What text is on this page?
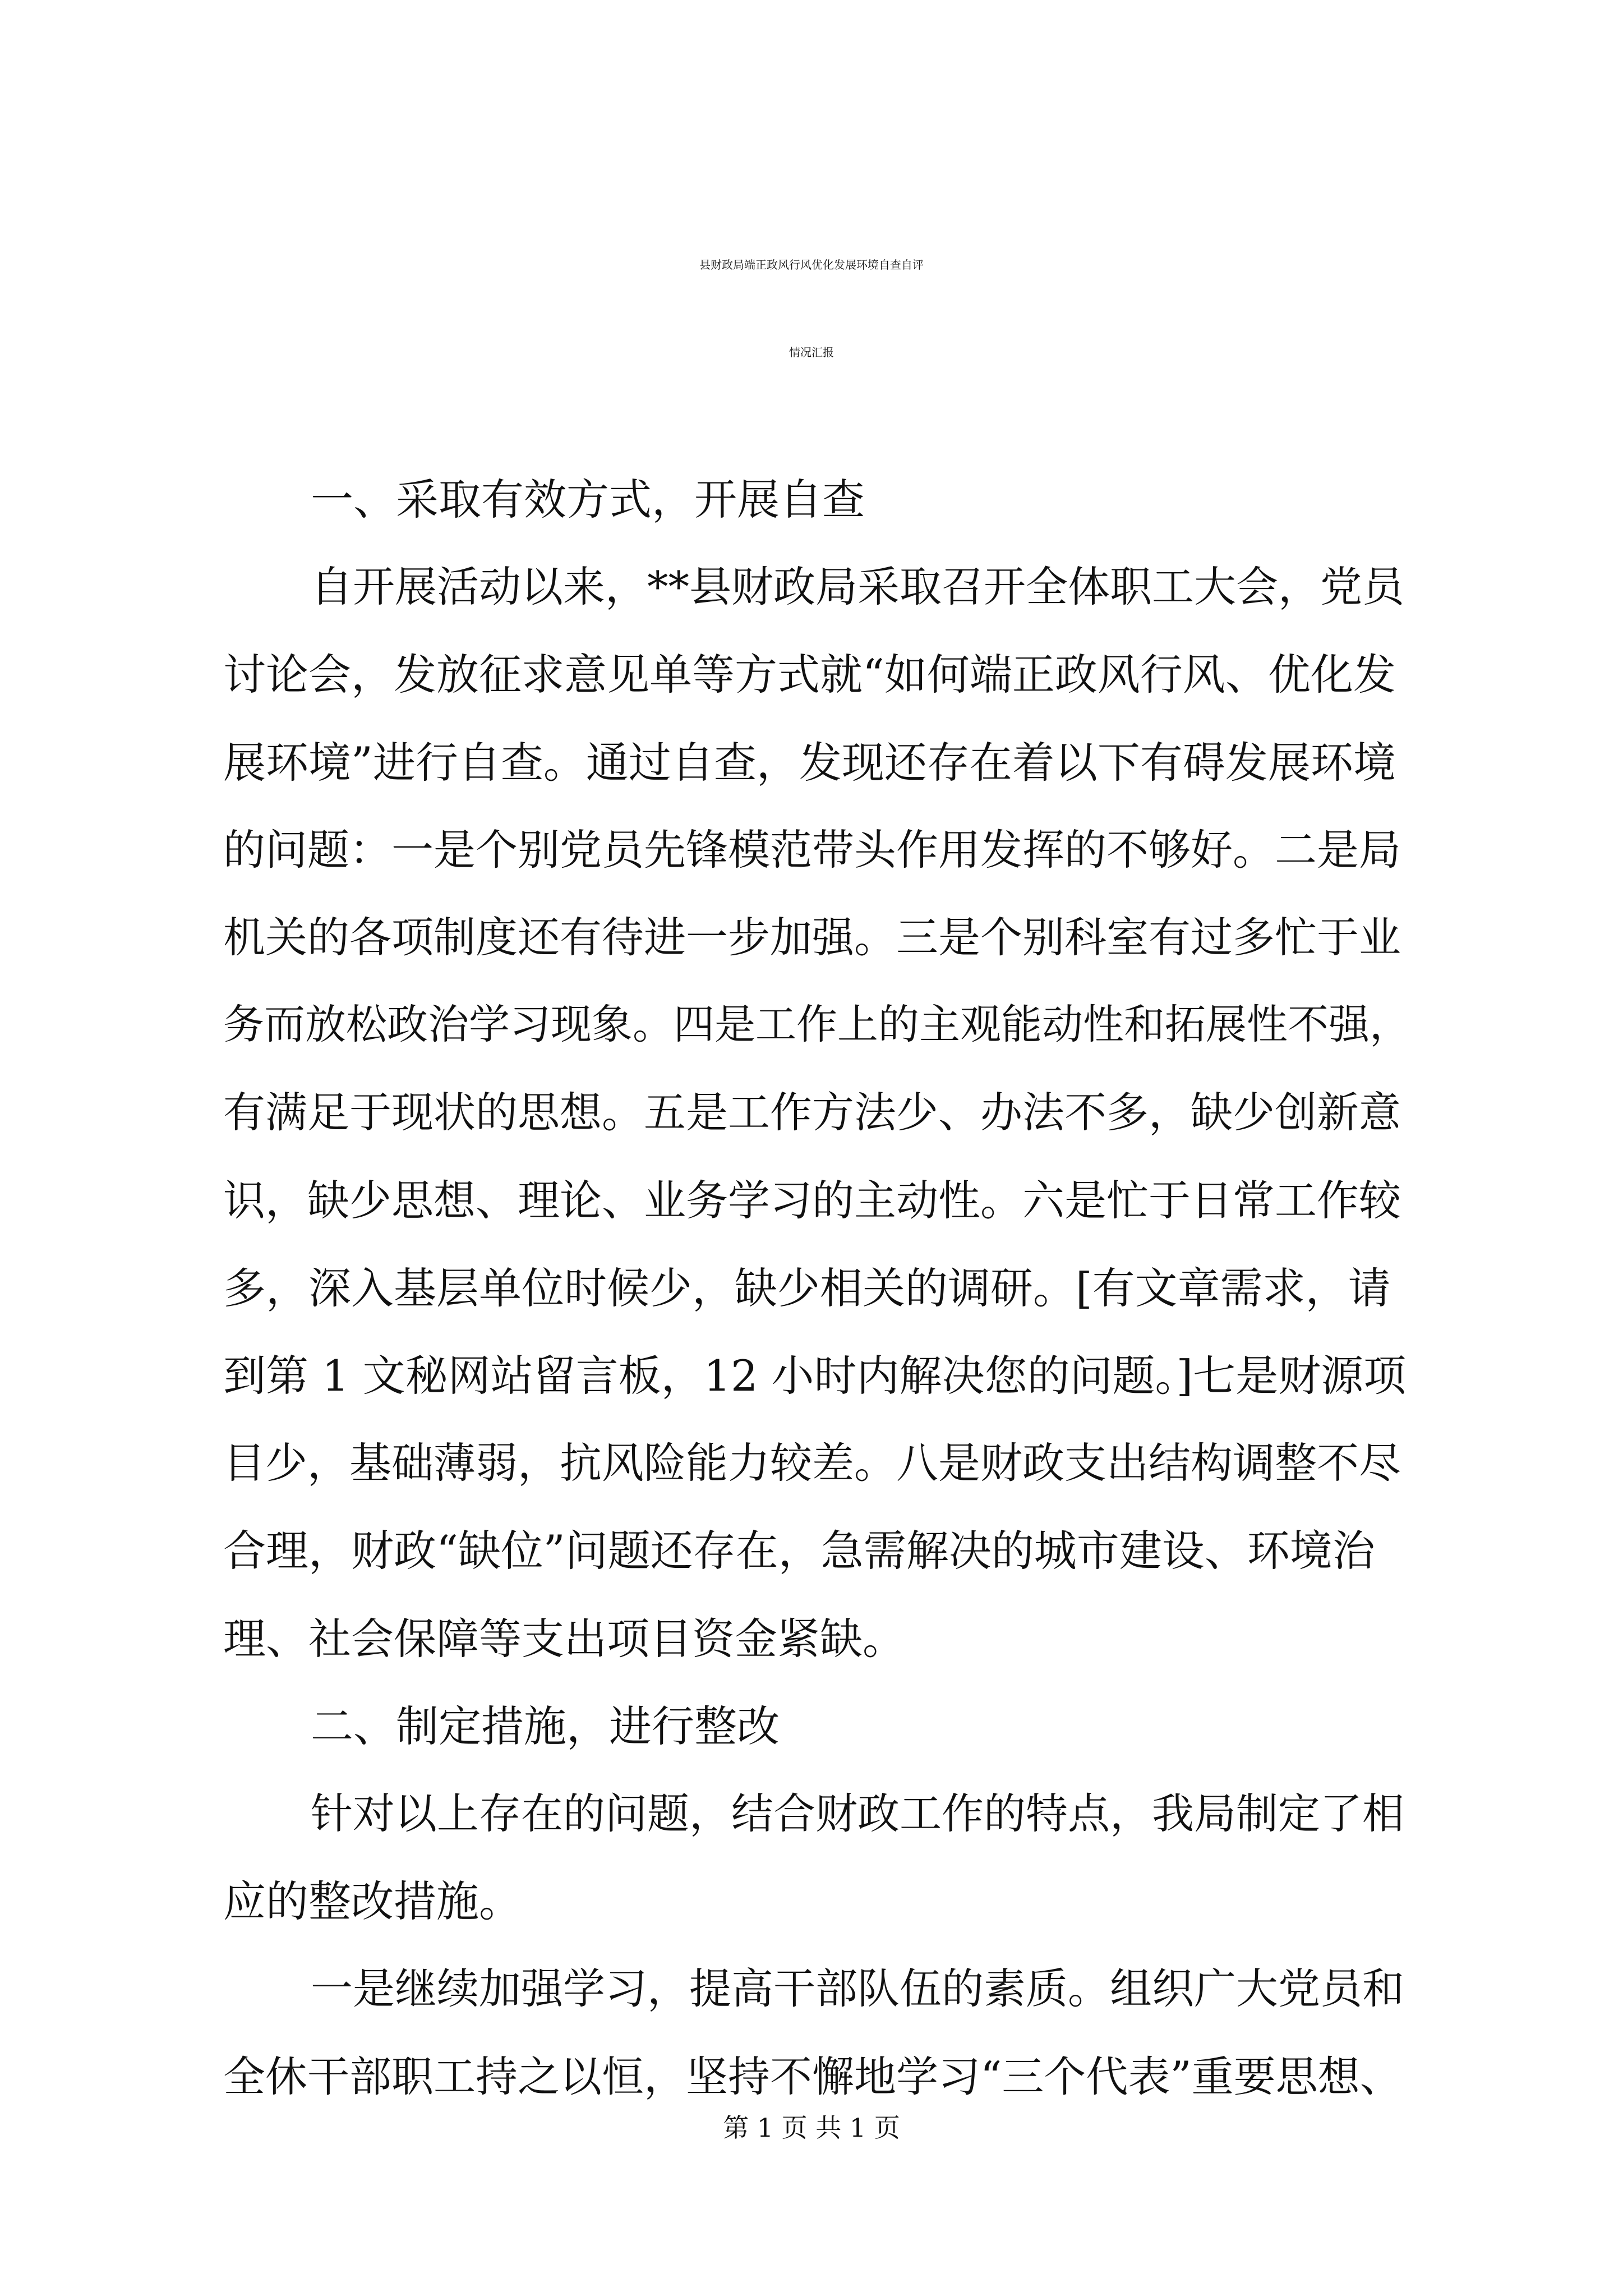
县财政局端正政风行风优化发展环境自查自评
情况汇报
一、采取有效方式，开展自查
自开展活动以来，**县财政局采取召开全体职工大会，党员
讨论会，发放征求意见单等方式就“如何端正政风行风、优化发
展环境”进行自查。通过自查，发现还存在着以下有碍发展环境
的问题：一是个别党员先锋模范带头作用发挥的不够好。二是局
机关的各项制度还有待进一步加强。三是个别科室有过多忙于业
务而放松政治学习现象。四是工作上的主观能动性和拓展性不强，
有满足于现状的思想。五是工作方法少、办法不多，缺少创新意
识，缺少思想、理论、业务学习的主动性。六是忙于日常工作较
多，深入基层单位时候少，缺少相关的调研。[有文章需求，请
到第 1 文秘网站留言板，12 小时内解决您的问题。]七是财源项
目少，基础薄弱，抗风险能力较差。八是财政支出结构调整不尽
合理，财政“缺位”问题还存在，急需解决的城市建设、环境治
理、社会保障等支出项目资金紧缺。
二、制定措施，进行整改
针对以上存在的问题，结合财政工作的特点，我局制定了相
应的整改措施。
一是继续加强学习，提高干部队伍的素质。组织广大党员和
全休干部职工持之以恒，坚持不懈地学习“三个代表”重要思想、
第 1 页 共 1 页
